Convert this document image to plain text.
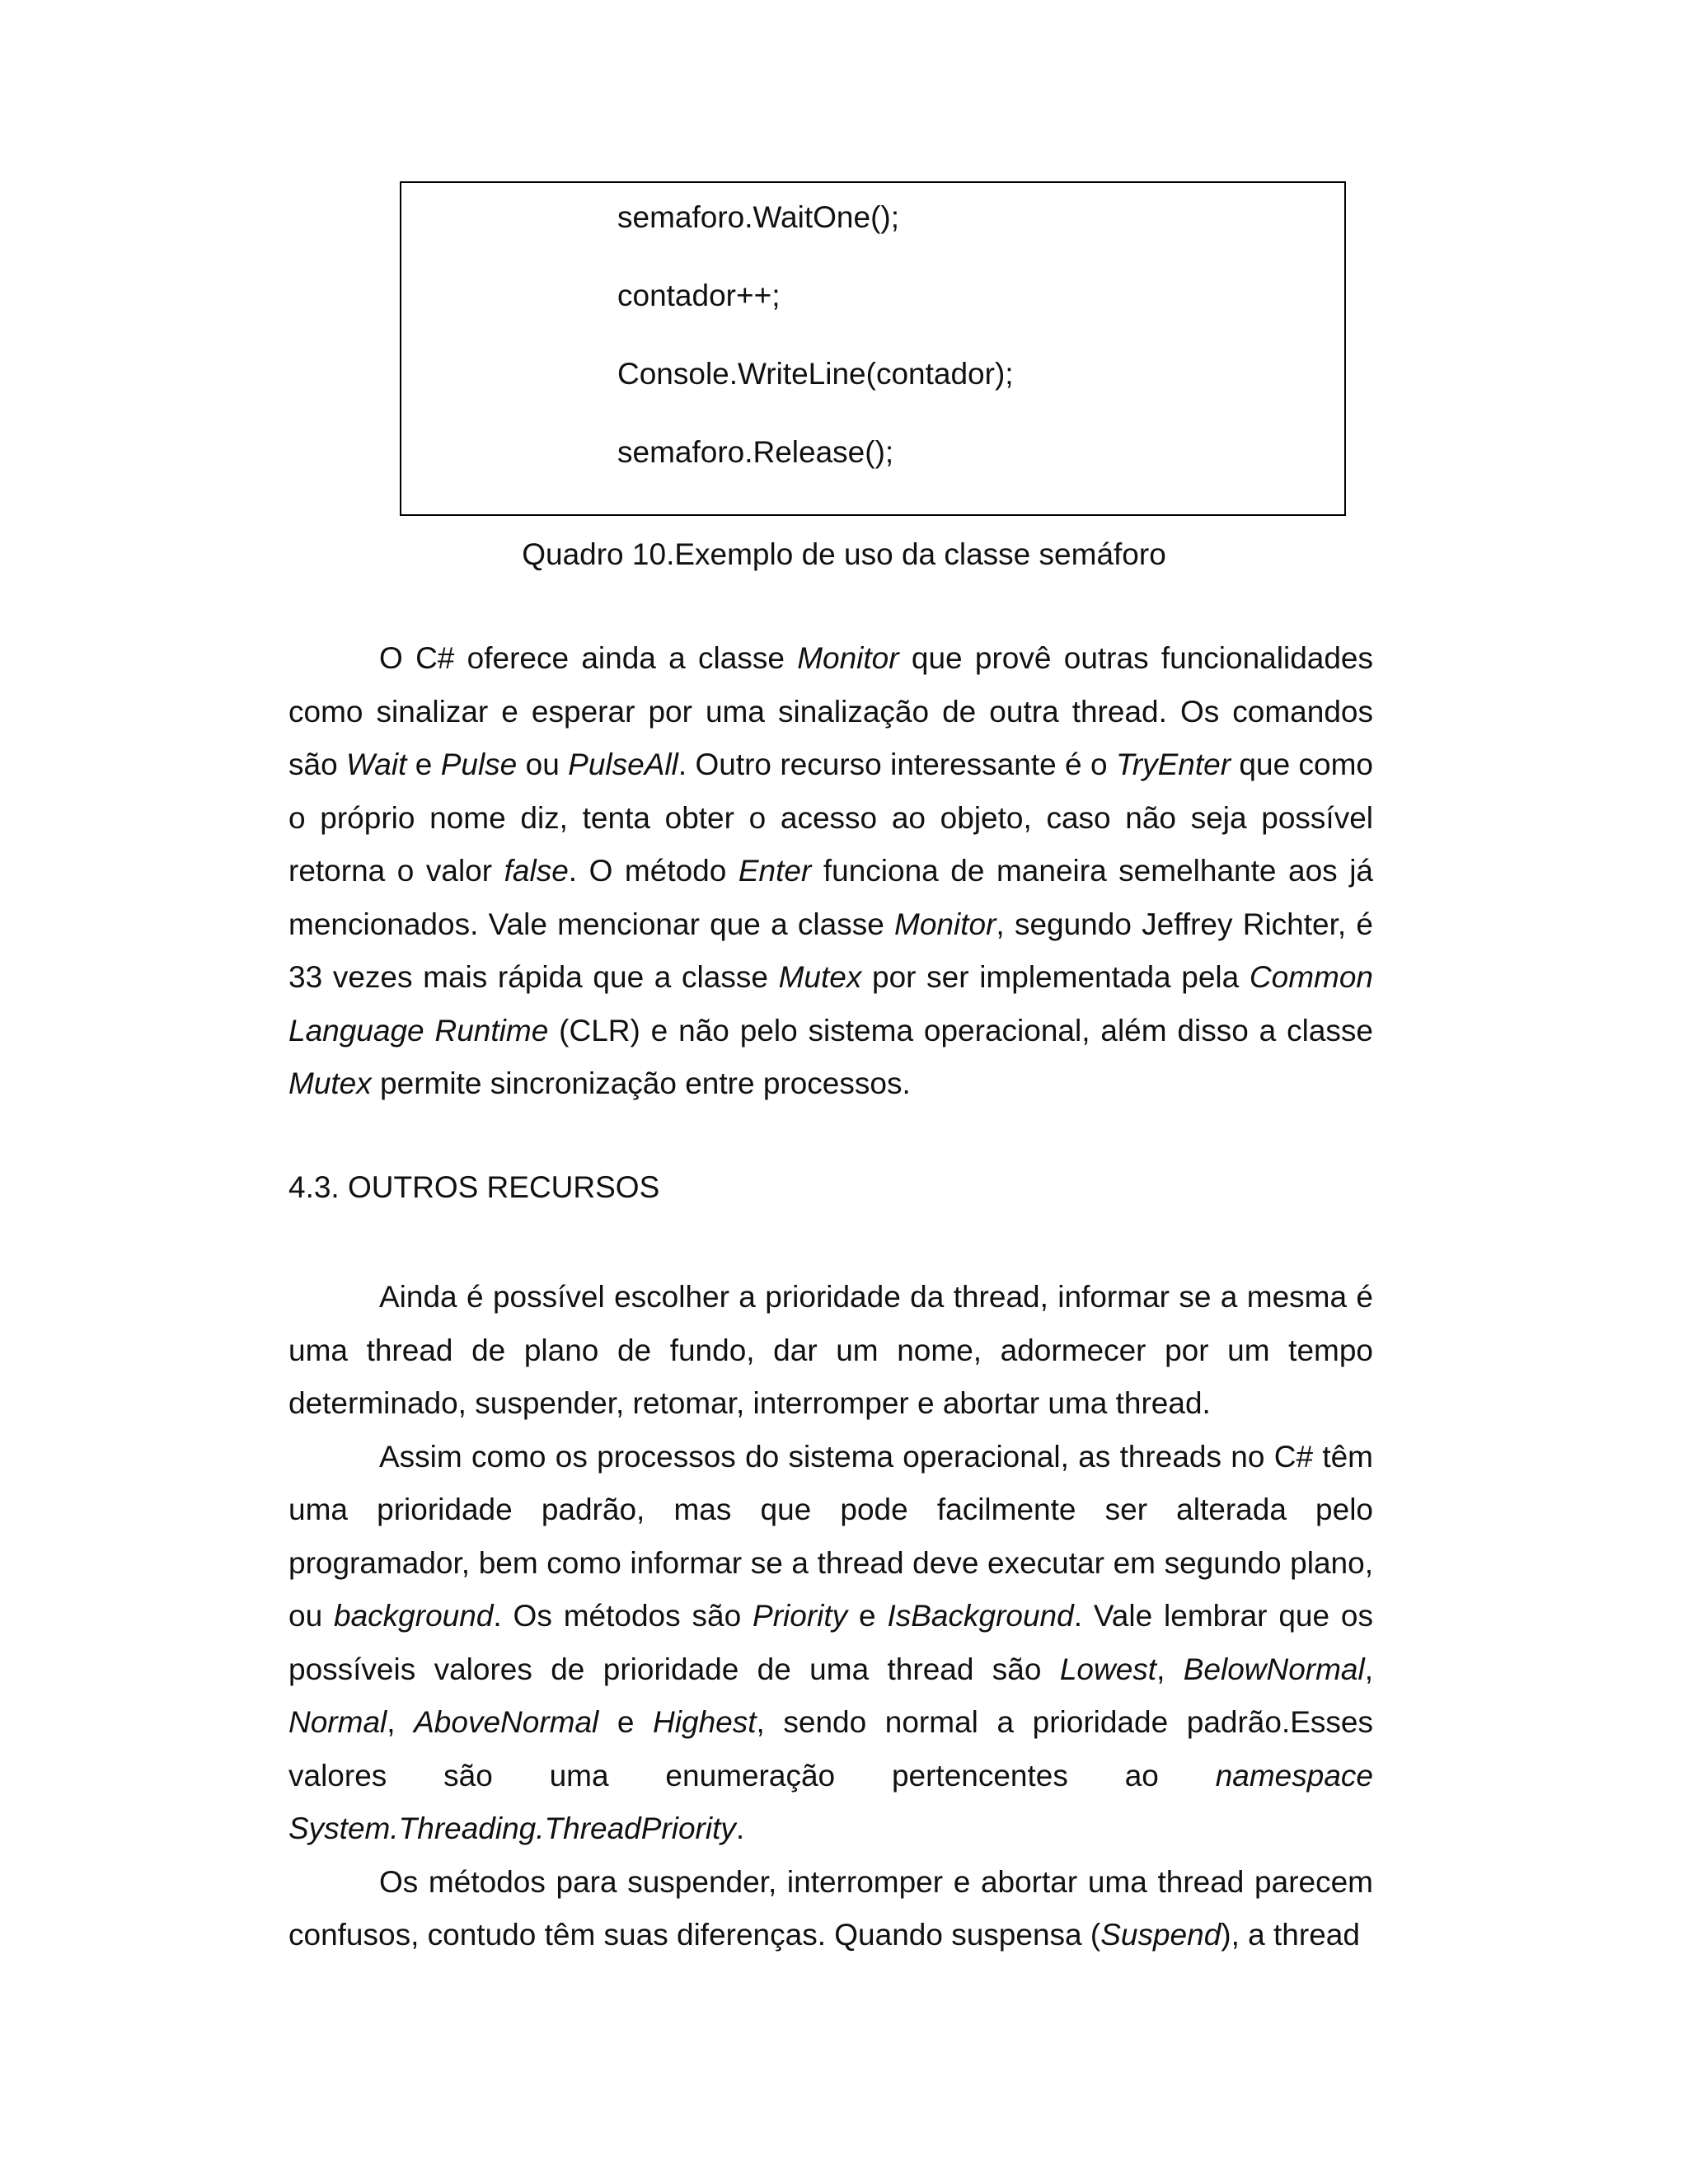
semaforo.WaitOne();
contador++;
Console.WriteLine(contador);
semaforo.Release();
Quadro 10.Exemplo de uso da classe semáforo

O C# oferece ainda a classe Monitor que provê outras funcionalidades como sinalizar e esperar por uma sinalização de outra thread. Os comandos são Wait e Pulse ou PulseAll. Outro recurso interessante é o TryEnter que como o próprio nome diz, tenta obter o acesso ao objeto, caso não seja possível retorna o valor false. O método Enter funciona de maneira semelhante aos já mencionados. Vale mencionar que a classe Monitor, segundo Jeffrey Richter, é 33 vezes mais rápida que a classe Mutex por ser implementada pela Common Language Runtime (CLR) e não pelo sistema operacional, além disso a classe Mutex permite sincronização entre processos.

4.3. OUTROS RECURSOS

Ainda é possível escolher a prioridade da thread, informar se a mesma é uma thread de plano de fundo, dar um nome, adormecer por um tempo determinado, suspender, retomar, interromper e abortar uma thread.

Assim como os processos do sistema operacional, as threads no C# têm uma prioridade padrão, mas que pode facilmente ser alterada pelo programador, bem como informar se a thread deve executar em segundo plano, ou background. Os métodos são Priority e IsBackground. Vale lembrar que os possíveis valores de prioridade de uma thread são Lowest, BelowNormal, Normal, AboveNormal e Highest, sendo normal a prioridade padrão.Esses valores são uma enumeração pertencentes ao namespace System.Threading.ThreadPriority.

Os métodos para suspender, interromper e abortar uma thread parecem confusos, contudo têm suas diferenças. Quando suspensa (Suspend), a thread
